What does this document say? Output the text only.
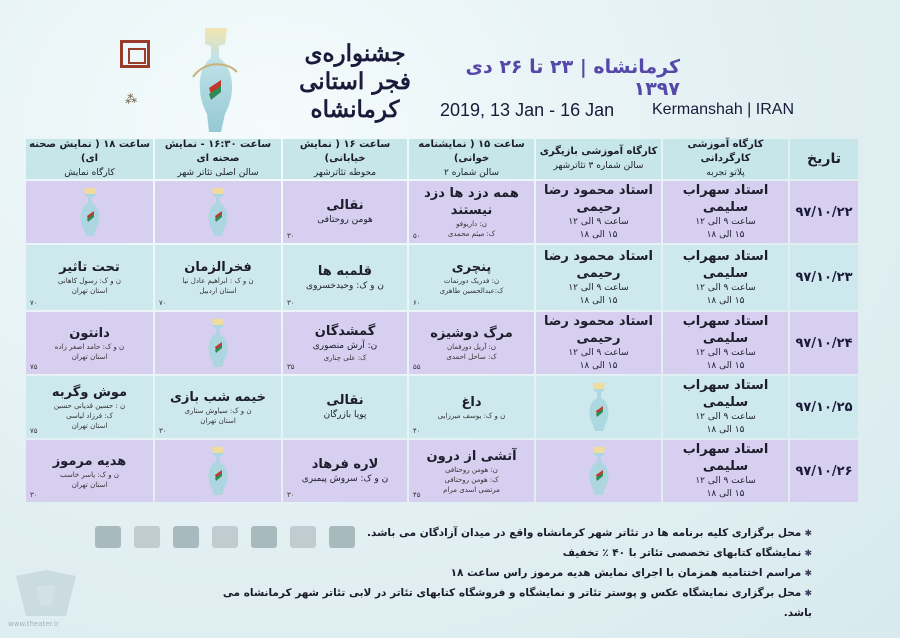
⁂
جشنواره‌ی فجر استانی کرمانشاه
کرمانشاه | ۲۳ تا ۲۶ دی ۱۳۹۷
2019, 13 Jan - 16 Jan Kermanshah | IRAN
تاریخ
کارگاه آموزشی کارگردانی
پلاتو تجربه
کارگاه آموزشی بازیگری
سالن شماره ۳ تئاترشهر
ساعت ۱۵ ( نمایشنامه خوانی)
سالن شماره ۲
ساعت ۱۶ ( نمایش خیابانی)
محوطه تئاترشهر
ساعت ۱۶:۳۰ - نمایش صحنه ای
سالن اصلی تئاتر شهر
ساعت ۱۸ ( نمایش صحنه ای)
کارگاه نمایش
۹۷/۱۰/۲۲
استاد سهراب سلیمی
ساعت ۹ الی ۱۲
۱۵ الی ۱۸
استاد محمود رضا رحیمی
ساعت ۹ الی ۱۲
۱۵ الی ۱۸
همه دزد ها دزد نیستند
ن: داریوفو
ک: میثم محمدی
۵۰
نقالی
هومن روحتافی
۳۰
۹۷/۱۰/۲۳
استاد سهراب سلیمی
ساعت ۹ الی ۱۲
۱۵ الی ۱۸
استاد محمود رضا رحیمی
ساعت ۹ الی ۱۲
۱۵ الی ۱۸
پنچری
ن: فدریک دورنمات
ک:عبدالحسین طاهری
۶۰
قلمبه ها
ن و ک: وحیدخسروی
۳۰
فخرالزمان
ن و ک : ابراهیم عادل نیا
استان اردبیل
۷۰
تحت تاثیر
ن و ک: رسول کاهانی
استان تهران
۷۰
۹۷/۱۰/۲۴
استاد سهراب سلیمی
ساعت ۹ الی ۱۲
۱۵ الی ۱۸
استاد محمود رضا رحیمی
ساعت ۹ الی ۱۲
۱۵ الی ۱۸
مرگ دوشیزه
ن: آریل دورفمان
ک: ساحل احمدی
۵۵
گمشدگان
ن: آرش منصوری
ک: علی چناری
۳۵
دانتون
ن و ک: حامد اصغر زاده
استان تهران
۷۵
۹۷/۱۰/۲۵
استاد سهراب سلیمی
ساعت ۹ الی ۱۲
۱۵ الی ۱۸
داغ
ن و ک: یوسف میرزایی
۴۰
نقالی
پویا بازرگان
خیمه شب بازی
ن و ک: سیاوش ستاری
استان تهران
۳۰
موش وگربه
ن : حسین قدیانی حسین
ک: فرزاد لیاسی
استان تهران
۷۵
۹۷/۱۰/۲۶
استاد سهراب سلیمی
ساعت ۹ الی ۱۲
۱۵ الی ۱۸
آتشی از درون
ن: هومن روحتافی
ک: هومن روحتافی
مرتضی اسدی مرام
۴۵
لاره فرهاد
ن و ک: سروش پیمبری
۳۰
هدیه مرموز
ن و ک: یاسر خاسب
استان تهران
۳۰
✱ محل برگزاری کلیه برنامه ها در تئاتر شهر کرمانشاه واقع در میدان آزادگان می باشد.
✱ نمایشگاه کتابهای تخصصی تئاتر با ۴۰ ٪ تخفیف
✱ مراسم اختتامیه همزمان با اجرای نمایش هدیه مرموز راس ساعت ۱۸
✱ محل برگزاری نمایشگاه عکس و پوستر تئاتر و نمایشگاه و فروشگاه کتابهای تئاتر در لابی تئاتر شهر کرمانشاه می باشد.
www.theater.ir
